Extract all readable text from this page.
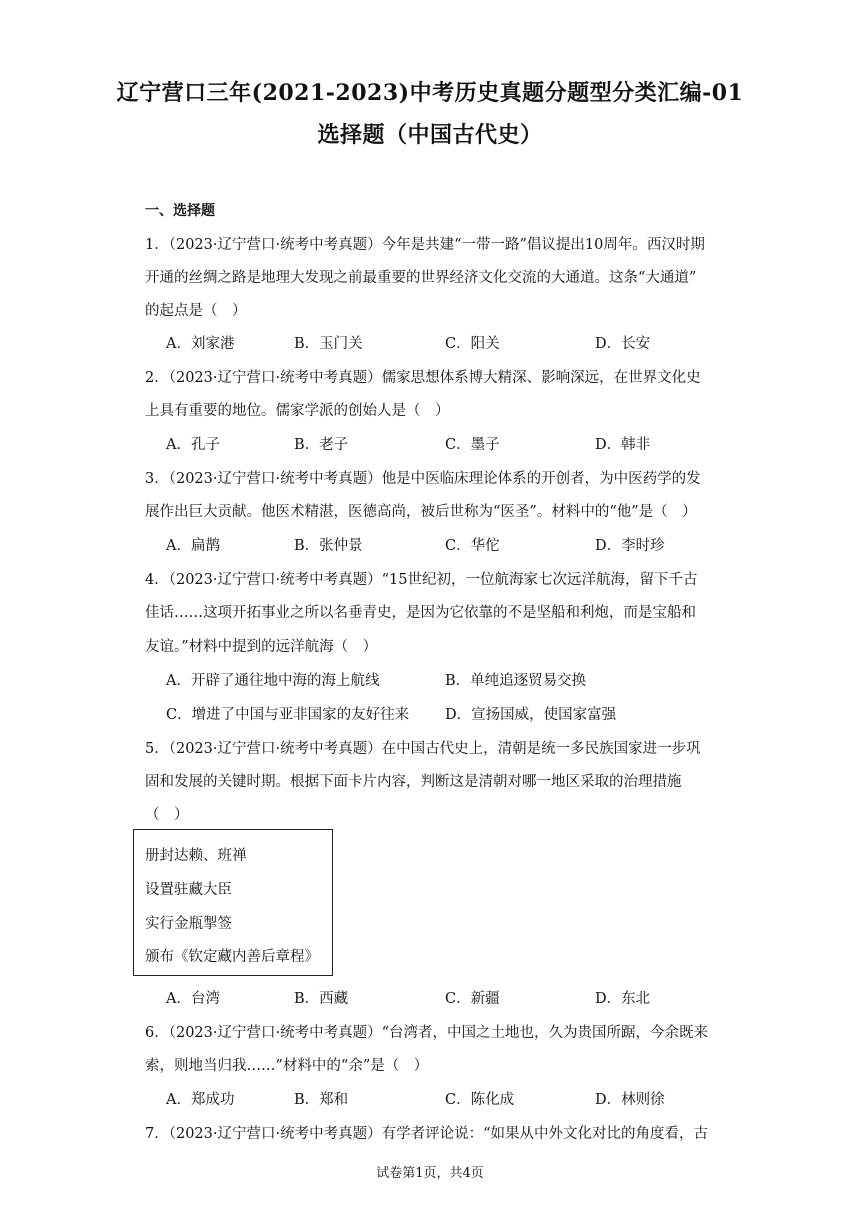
辽宁营口三年(2021-2023)中考历史真题分题型分类汇编-01
选择题（中国古代史）
一、选择题
1．（2023·辽宁营口·统考中考真题）今年是共建“一带一路”倡议提出10周年。西汉时期
开通的丝绸之路是地理大发现之前最重要的世界经济文化交流的大通道。这条“大通道”
的起点是（　）
A．刘家港	B．玉门关	C．阳关	D．长安
2．（2023·辽宁营口·统考中考真题）儒家思想体系博大精深、影响深远，在世界文化史
上具有重要的地位。儒家学派的创始人是（　）
A．孔子	B．老子	C．墨子	D．韩非
3．（2023·辽宁营口·统考中考真题）他是中医临床理论体系的开创者，为中医药学的发
展作出巨大贡献。他医术精湛，医德高尚，被后世称为“医圣”。材料中的“他”是（　）
A．扁鹊	B．张仲景	C．华佗	D．李时珍
4．（2023·辽宁营口·统考中考真题）“15世纪初，一位航海家七次远洋航海，留下千古
佳话……这项开拓事业之所以名垂青史，是因为它依靠的不是坚船和利炮，而是宝船和
友谊。”材料中提到的远洋航海（　）
A．开辟了通往地中海的海上航线	B．单纯追逐贸易交换
C．增进了中国与亚非国家的友好往来 D．宣扬国威，使国家富强
5．（2023·辽宁营口·统考中考真题）在中国古代史上，清朝是统一多民族国家进一步巩
固和发展的关键时期。根据下面卡片内容，判断这是清朝对哪一地区采取的治理措施
（　）
册封达赖、班禅
设置驻藏大臣
实行金瓶掣签
颁布《钦定藏内善后章程》
A．台湾	B．西藏	C．新疆	D．东北
6．（2023·辽宁营口·统考中考真题）“台湾者，中国之土地也，久为贵国所踞，今余既来
索，则地当归我……”材料中的“余”是（　）
A．郑成功	B．郑和	C．陈化成	D．林则徐
7．（2023·辽宁营口·统考中考真题）有学者评论说：“如果从中外文化对比的角度看，古
试卷第1页，共4页
